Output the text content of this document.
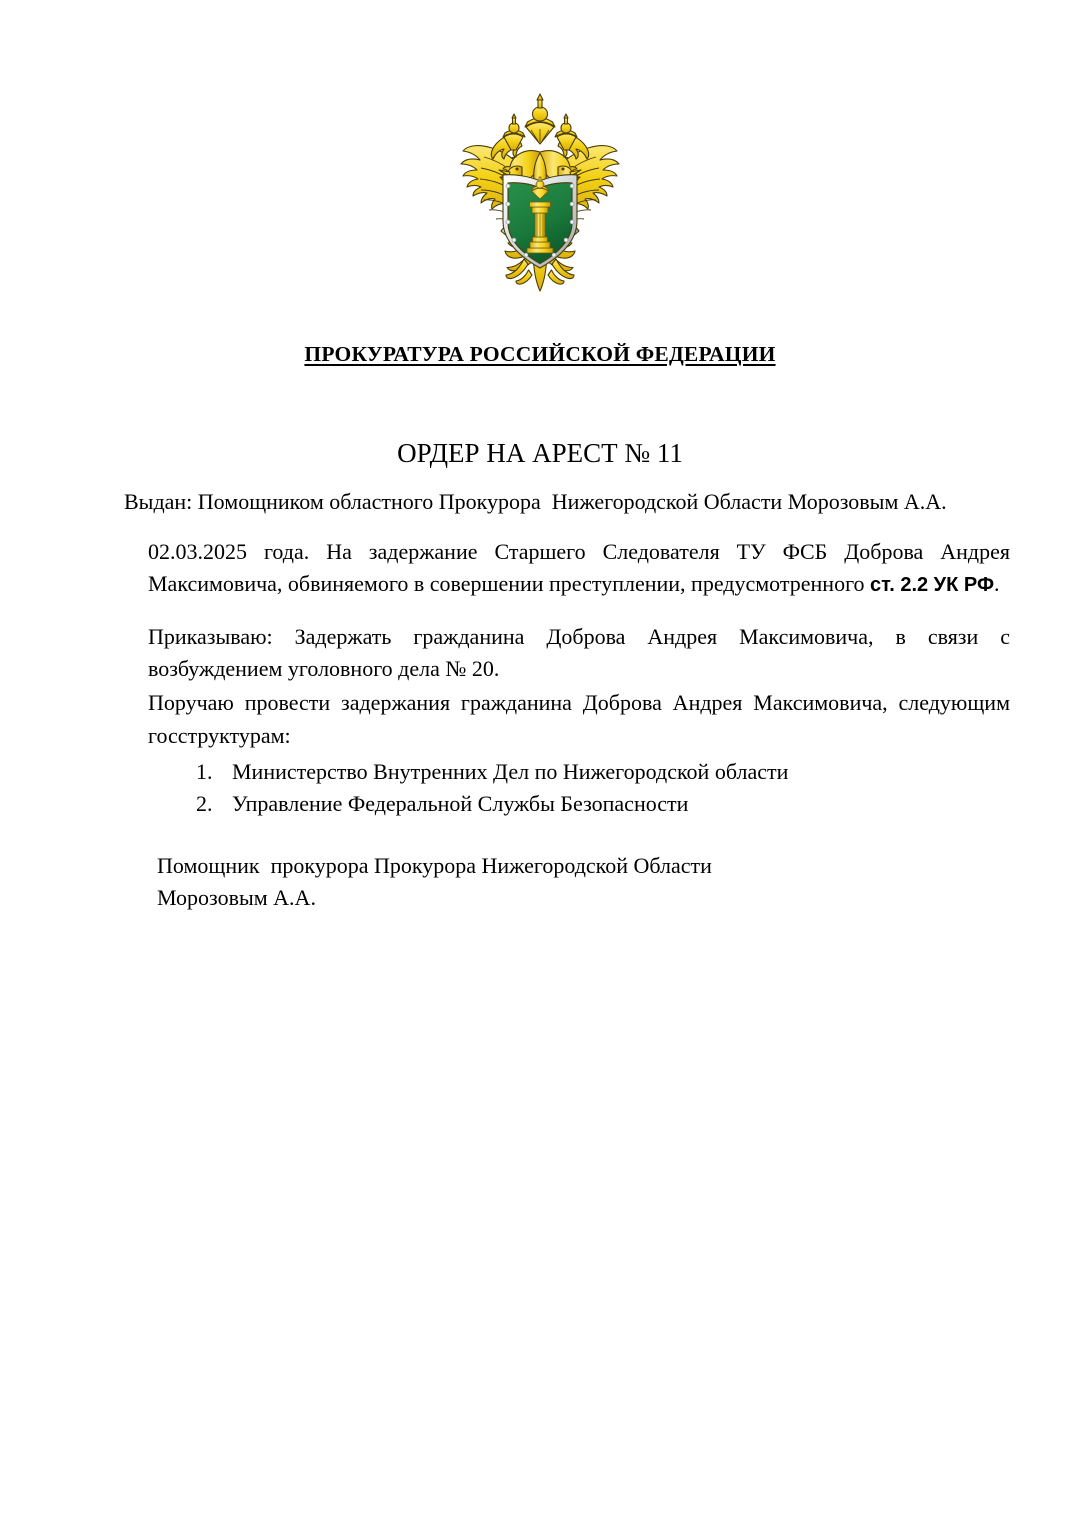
ПРОКУРАТУРА РОССИЙСКОЙ ФЕДЕРАЦИИ
ОРДЕР НА АРЕСТ № 11
Выдан: Помощником областного Прокурора  Нижегородской Области Морозовым А.А.

02.03.2025 года. На задержание Старшего Следователя ТУ ФСБ Доброва Андрея Максимовича, обвиняемого в совершении преступлении, предусмотренного ст. 2.2 УК РФ.

Приказываю: Задержать гражданина Доброва Андрея Максимовича, в связи с возбуждением уголовного дела № 20.

Поручаю провести задержания гражданина Доброва Андрея Максимовича, следующим госструктурам:

1. Министерство Внутренних Дел по Нижегородской области
2. Управление Федеральной Службы Безопасности
Помощник  прокурора Прокурора Нижегородской Области
Морозовым А.А.
